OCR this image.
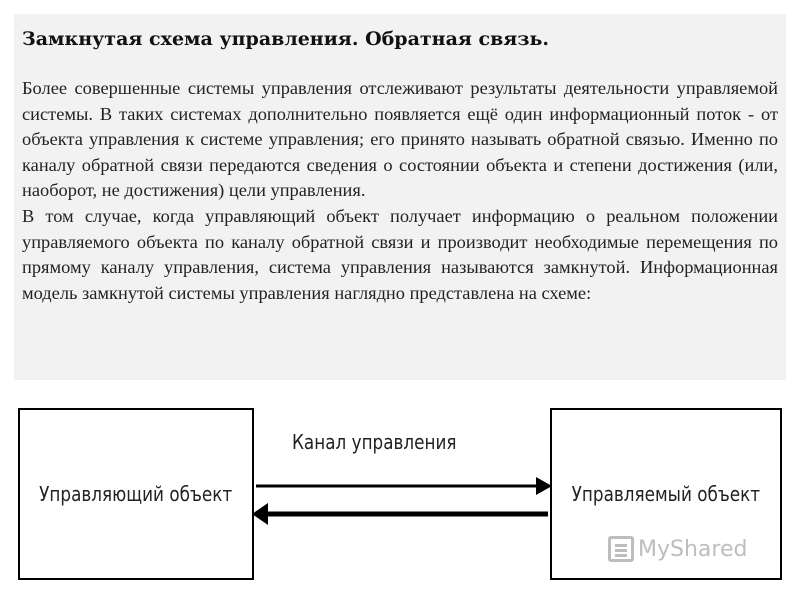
Замкнутая схема управления. Обратная связь.

Более совершенные системы управления отслеживают результаты деятельности управляемой системы. В таких системах дополнительно появляется ещё один информационный поток - от объекта управления к системе управления; его принято называть обратной связью. Именно по каналу обратной связи передаются сведения о состоянии объекта и степени достижения (или, наоборот, не достижения) цели управления.

В том случае, когда управляющий объект получает информацию о реальном положении управляемого объекта по каналу обратной связи и производит необходимые перемещения по прямому каналу управления, система управления называются замкнутой. Информационная модель замкнутой системы управления наглядно представлена на схеме:

Управляющий объект	Управляемый объект
Канал управления
MyShared
